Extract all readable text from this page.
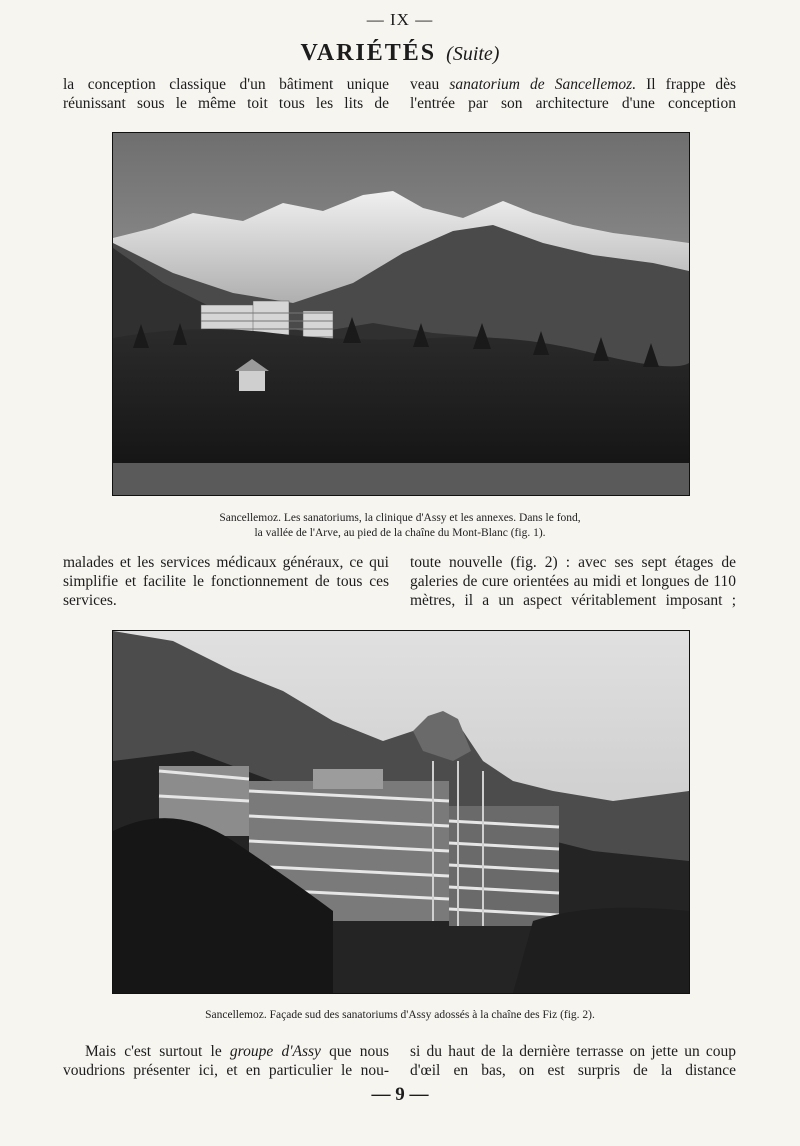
— IX —
VARIÉTÉS (Suite)

la conception classique d'un bâtiment unique réunissant sous le même toit tous les lits de

veau sanatorium de Sancellemoz. Il frappe dès l'entrée par son architecture d'une conception

Sancellemoz. Les sanatoriums, la clinique d'Assy et les annexes. Dans le fond,
la vallée de l'Arve, au pied de la chaîne du Mont-Blanc (fig. 1).

malades et les services médicaux généraux, ce qui simplifie et facilite le fonctionnement de tous ces services.

toute nouvelle (fig. 2) : avec ses sept étages de galeries de cure orientées au midi et longues de 110 mètres, il a un aspect véritablement imposant ;

Sancellemoz. Façade sud des sanatoriums d'Assy adossés à la chaîne des Fiz (fig. 2).

Mais c'est surtout le groupe d'Assy que nous voudrions présenter ici, et en particulier le nou-

si du haut de la dernière terrasse on jette un coup d'œil en bas, on est surpris de la distance

— 9 —
